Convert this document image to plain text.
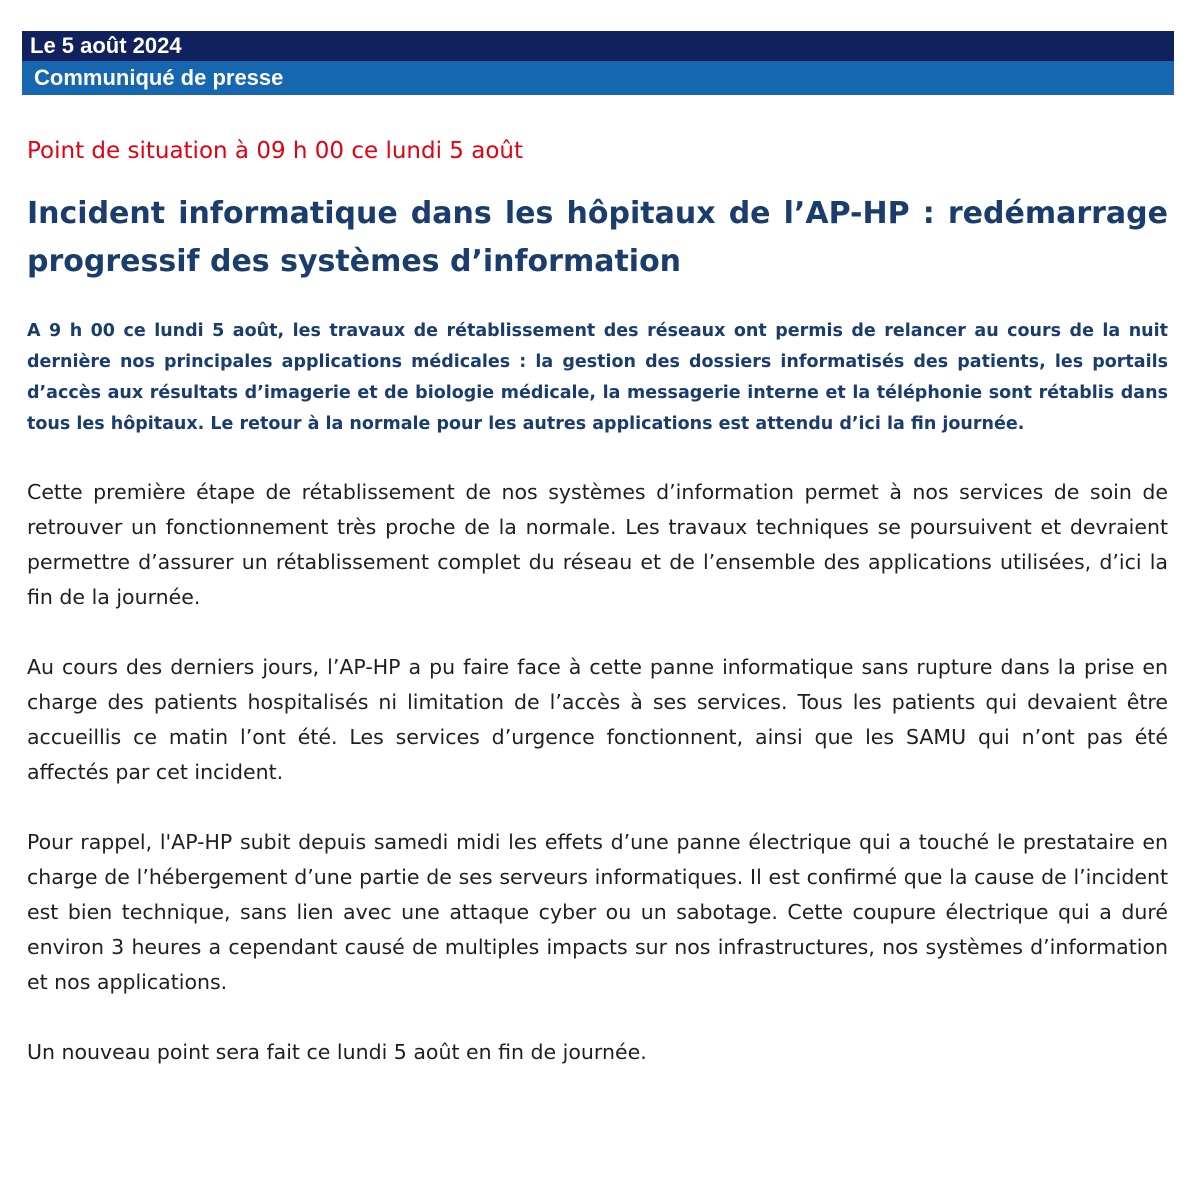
Le 5 août 2024
Communiqué de presse

Point de situation à 09 h 00 ce lundi 5 août

Incident informatique dans les hôpitaux de l’AP-HP : redémarrage progressif des systèmes d’information

A 9 h 00 ce lundi 5 août, les travaux de rétablissement des réseaux ont permis de relancer au cours de la nuit dernière nos principales applications médicales : la gestion des dossiers informatisés des patients, les portails d’accès aux résultats d’imagerie et de biologie médicale, la messagerie interne et la téléphonie sont rétablis dans tous les hôpitaux. Le retour à la normale pour les autres applications est attendu d’ici la fin journée.

Cette première étape de rétablissement de nos systèmes d’information permet à nos services de soin de retrouver un fonctionnement très proche de la normale. Les travaux techniques se poursuivent et devraient permettre d’assurer un rétablissement complet du réseau et de l’ensemble des applications utilisées, d’ici la fin de la journée.

Au cours des derniers jours, l’AP-HP a pu faire face à cette panne informatique sans rupture dans la prise en charge des patients hospitalisés ni limitation de l’accès à ses services. Tous les patients qui devaient être accueillis ce matin l’ont été. Les services d’urgence fonctionnent, ainsi que les SAMU qui n’ont pas été affectés par cet incident.

Pour rappel, l'AP-HP subit depuis samedi midi les effets d’une panne électrique qui a touché le prestataire en charge de l’hébergement d’une partie de ses serveurs informatiques. Il est confirmé que la cause de l’incident est bien technique, sans lien avec une attaque cyber ou un sabotage. Cette coupure électrique qui a duré environ 3 heures a cependant causé de multiples impacts sur nos infrastructures, nos systèmes d’information et nos applications.

Un nouveau point sera fait ce lundi 5 août en fin de journée.
